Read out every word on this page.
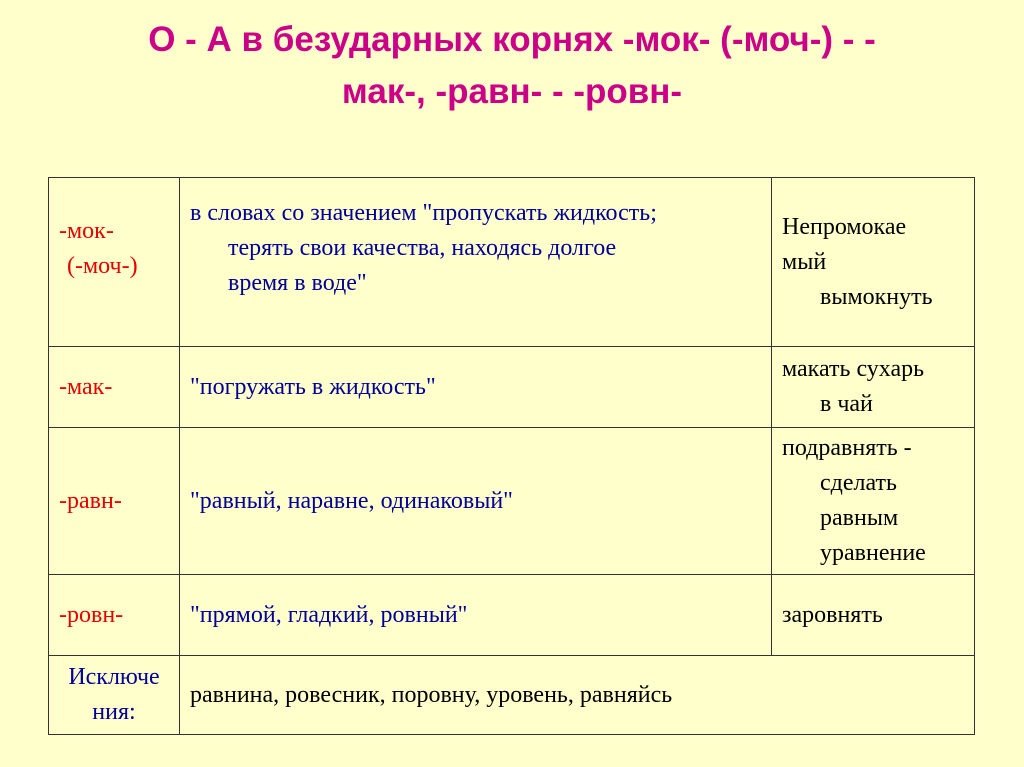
О - А в безударных корнях -мок- (-моч-) - -
мак-, -равн- - -ровн-
-мок-
(-моч-)	в словах со значением "пропускать жидкость;
терять свои качества, находясь долгое
время в воде"	Непромокае
мый
вымокнуть

-мак-	"погружать в жидкость"	макать сухарь
в чай

-равн-	"равный, наравне, одинаковый"	подравнять -
сделать
равным
уравнение

-ровн-	"прямой, гладкий, ровный"	заровнять

Исключе
ния:	равнина, ровесник, поровну, уровень, равняйсь	
